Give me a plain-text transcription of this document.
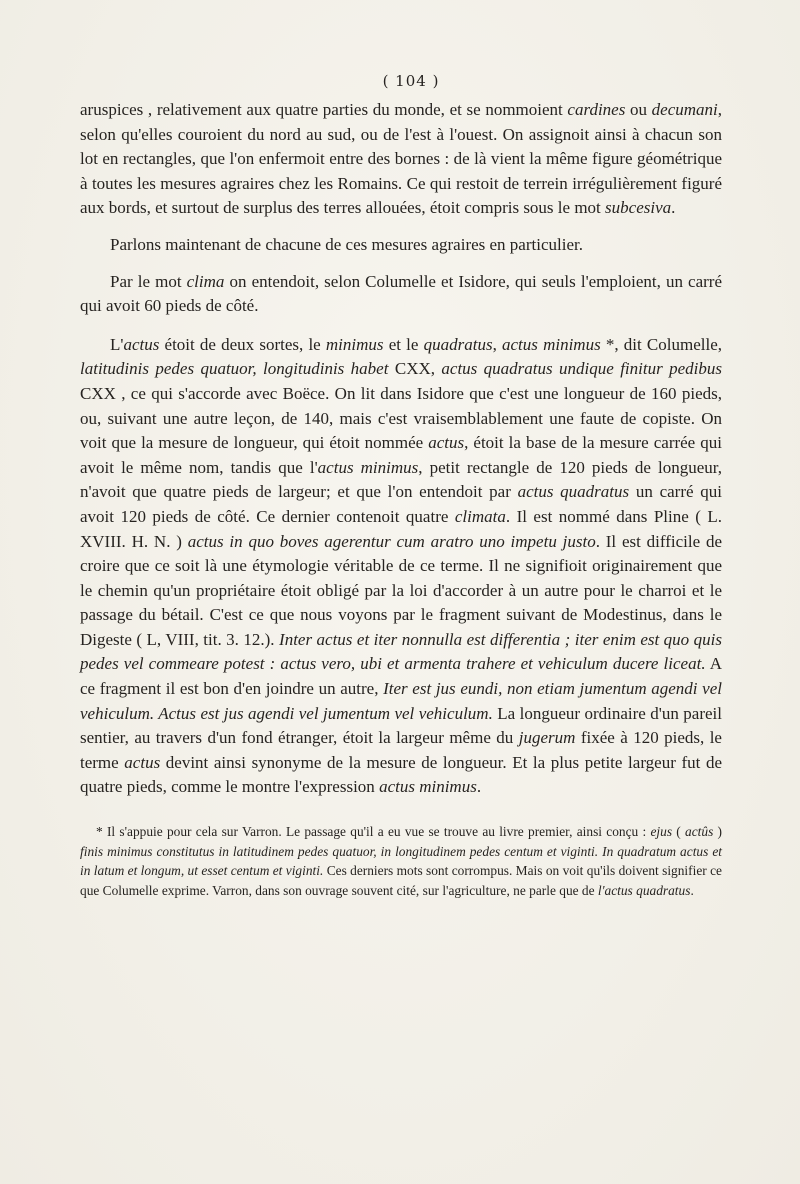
( 104 )

aruspices , relativement aux quatre parties du monde, et se nommoient cardines ou decumani, selon qu'elles couroient du nord au sud, ou de l'est à l'ouest. On assignoit ainsi à chacun son lot en rectangles, que l'on enfermoit entre des bornes : de là vient la même figure géométrique à toutes les mesures agraires chez les Romains. Ce qui restoit de terrein irrégulièrement figuré aux bords, et surtout de surplus des terres allouées, étoit compris sous le mot subcesiva.

Parlons maintenant de chacune de ces mesures agraires en particulier.

Par le mot clima on entendoit, selon Columelle et Isidore, qui seuls l'emploient, un carré qui avoit 60 pieds de côté.

L'actus étoit de deux sortes, le minimus et le quadratus, actus minimus *, dit Columelle, latitudinis pedes quatuor, longitudinis habet CXX, actus quadratus undique finitur pedibus CXX , ce qui s'accorde avec Boëce. On lit dans Isidore que c'est une longueur de 160 pieds, ou, suivant une autre leçon, de 140, mais c'est vraisemblablement une faute de copiste. On voit que la mesure de longueur, qui étoit nommée actus, étoit la base de la mesure carrée qui avoit le même nom, tandis que l'actus minimus, petit rectangle de 120 pieds de longueur, n'avoit que quatre pieds de largeur; et que l'on entendoit par actus quadratus un carré qui avoit 120 pieds de côté. Ce dernier contenoit quatre climata. Il est nommé dans Pline ( L. XVIII. H. N. ) actus in quo boves agerentur cum aratro uno impetu justo. Il est difficile de croire que ce soit là une étymologie véritable de ce terme. Il ne signifioit originairement que le chemin qu'un propriétaire étoit obligé par la loi d'accorder à un autre pour le charroi et le passage du bétail. C'est ce que nous voyons par le fragment suivant de Modestinus, dans le Digeste ( L, VIII, tit. 3. 12.). Inter actus et iter nonnulla est differentia ; iter enim est quo quis pedes vel commeare potest : actus vero, ubi et armenta trahere et vehiculum ducere liceat. A ce fragment il est bon d'en joindre un autre, Iter est jus eundi, non etiam jumentum agendi vel vehiculum. Actus est jus agendi vel jumentum vel vehiculum. La longueur ordinaire d'un pareil sentier, au travers d'un fond étranger, étoit la largeur même du jugerum fixée à 120 pieds, le terme actus devint ainsi synonyme de la mesure de longueur. Et la plus petite largeur fut de quatre pieds, comme le montre l'expression actus minimus.

* Il s'appuie pour cela sur Varron. Le passage qu'il a eu vue se trouve au livre premier, ainsi conçu : ejus ( actûs ) finis minimus constitutus in latitudinem pedes quatuor, in longitudinem pedes centum et viginti. In quadratum actus et in latum et longum, ut esset centum et viginti. Ces derniers mots sont corrompus. Mais on voit qu'ils doivent signifier ce que Columelle exprime. Varron, dans son ouvrage souvent cité, sur l'agriculture, ne parle que de l'actus quadratus.
